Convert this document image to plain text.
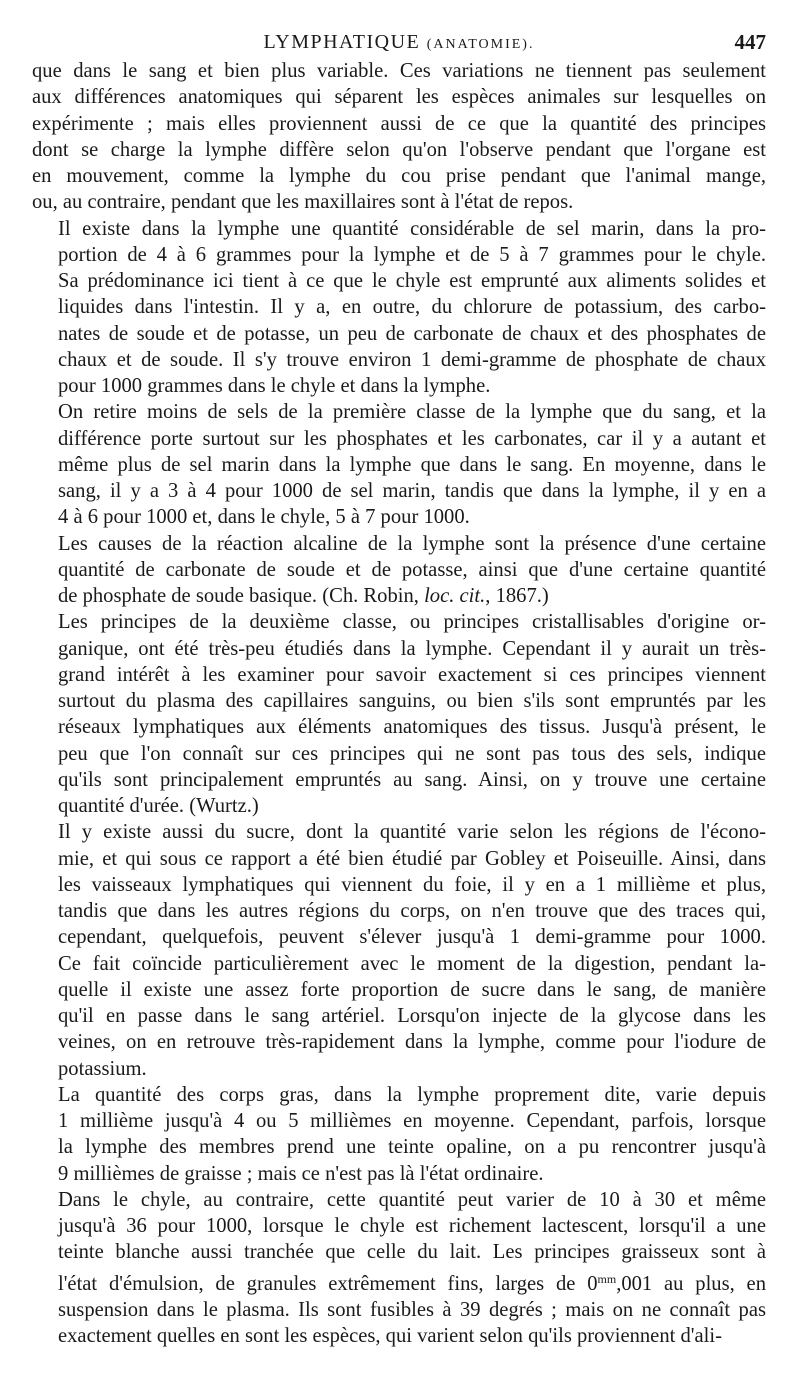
LYMPHATIQUE (ANATOMIE).	447

que dans le sang et bien plus variable. Ces variations ne tiennent pas seulement
aux différences anatomiques qui séparent les espèces animales sur lesquelles on
expérimente ; mais elles proviennent aussi de ce que la quantité des principes
dont se charge la lymphe diffère selon qu'on l'observe pendant que l'organe est
en mouvement, comme la lymphe du cou prise pendant que l'animal mange,
ou, au contraire, pendant que les maxillaires sont à l'état de repos.

Il existe dans la lymphe une quantité considérable de sel marin, dans la pro-
portion de 4 à 6 grammes pour la lymphe et de 5 à 7 grammes pour le chyle.
Sa prédominance ici tient à ce que le chyle est emprunté aux aliments solides et
liquides dans l'intestin. Il y a, en outre, du chlorure de potassium, des carbo-
nates de soude et de potasse, un peu de carbonate de chaux et des phosphates de
chaux et de soude. Il s'y trouve environ 1 demi-gramme de phosphate de chaux
pour 1000 grammes dans le chyle et dans la lymphe.

On retire moins de sels de la première classe de la lymphe que du sang, et la
différence porte surtout sur les phosphates et les carbonates, car il y a autant et
même plus de sel marin dans la lymphe que dans le sang. En moyenne, dans le
sang, il y a 3 à 4 pour 1000 de sel marin, tandis que dans la lymphe, il y en a
4 à 6 pour 1000 et, dans le chyle, 5 à 7 pour 1000.

Les causes de la réaction alcaline de la lymphe sont la présence d'une certaine
quantité de carbonate de soude et de potasse, ainsi que d'une certaine quantité
de phosphate de soude basique. (Ch. Robin, loc. cit., 1867.)

Les principes de la deuxième classe, ou principes cristallisables d'origine or-
ganique, ont été très-peu étudiés dans la lymphe. Cependant il y aurait un très-
grand intérêt à les examiner pour savoir exactement si ces principes viennent
surtout du plasma des capillaires sanguins, ou bien s'ils sont empruntés par les
réseaux lymphatiques aux éléments anatomiques des tissus. Jusqu'à présent, le
peu que l'on connaît sur ces principes qui ne sont pas tous des sels, indique
qu'ils sont principalement empruntés au sang. Ainsi, on y trouve une certaine
quantité d'urée. (Wurtz.)

Il y existe aussi du sucre, dont la quantité varie selon les régions de l'écono-
mie, et qui sous ce rapport a été bien étudié par Gobley et Poiseuille. Ainsi, dans
les vaisseaux lymphatiques qui viennent du foie, il y en a 1 millième et plus,
tandis que dans les autres régions du corps, on n'en trouve que des traces qui,
cependant, quelquefois, peuvent s'élever jusqu'à 1 demi-gramme pour 1000.
Ce fait coïncide particulièrement avec le moment de la digestion, pendant la-
quelle il existe une assez forte proportion de sucre dans le sang, de manière
qu'il en passe dans le sang artériel. Lorsqu'on injecte de la glycose dans les
veines, on en retrouve très-rapidement dans la lymphe, comme pour l'iodure de
potassium.

La quantité des corps gras, dans la lymphe proprement dite, varie depuis
1 millième jusqu'à 4 ou 5 millièmes en moyenne. Cependant, parfois, lorsque
la lymphe des membres prend une teinte opaline, on a pu rencontrer jusqu'à
9 millièmes de graisse ; mais ce n'est pas là l'état ordinaire.

Dans le chyle, au contraire, cette quantité peut varier de 10 à 30 et même
jusqu'à 36 pour 1000, lorsque le chyle est richement lactescent, lorsqu'il a une
teinte blanche aussi tranchée que celle du lait. Les principes graisseux sont à
l'état d'émulsion, de granules extrêmement fins, larges de $0^{mm},001$ au plus, en
suspension dans le plasma. Ils sont fusibles à 39 degrés ; mais on ne connaît pas
exactement quelles en sont les espèces, qui varient selon qu'ils proviennent d'ali-
